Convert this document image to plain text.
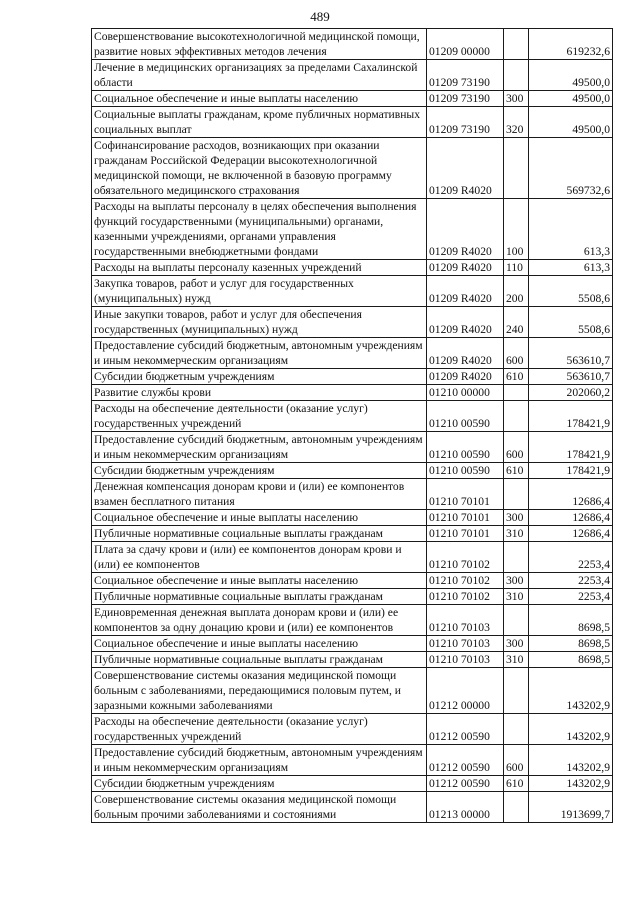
489
Совершенствование высокотехнологичной медицинской помощи, развитие новых эффективных методов лечения	01209 00000		619232,6
Лечение в медицинских организациях за пределами Сахалинской области	01209 73190		49500,0
Социальное обеспечение и иные выплаты населению	01209 73190	300	49500,0
Социальные выплаты гражданам, кроме публичных нормативных социальных выплат	01209 73190	320	49500,0
Софинансирование расходов, возникающих при оказании гражданам Российской Федерации высокотехнологичной медицинской помощи, не включенной в базовую программу обязательного медицинского страхования	01209 R4020		569732,6
Расходы на выплаты персоналу в целях обеспечения выполнения функций государственными (муниципальными) органами, казенными учреждениями, органами управления государственными внебюджетными фондами	01209 R4020	100	613,3
Расходы на выплаты персоналу казенных учреждений	01209 R4020	110	613,3
Закупка товаров, работ и услуг для государственных (муниципальных) нужд	01209 R4020	200	5508,6
Иные закупки товаров, работ и услуг для обеспечения государственных (муниципальных) нужд	01209 R4020	240	5508,6
Предоставление субсидий бюджетным, автономным учреждениям и иным некоммерческим организациям	01209 R4020	600	563610,7
Субсидии бюджетным учреждениям	01209 R4020	610	563610,7
Развитие службы крови	01210 00000		202060,2
Расходы на обеспечение деятельности (оказание услуг) государственных учреждений	01210 00590		178421,9
Предоставление субсидий бюджетным, автономным учреждениям и иным некоммерческим организациям	01210 00590	600	178421,9
Субсидии бюджетным учреждениям	01210 00590	610	178421,9
Денежная компенсация донорам крови и (или) ее компонентов взамен бесплатного питания	01210 70101		12686,4
Социальное обеспечение и иные выплаты населению	01210 70101	300	12686,4
Публичные нормативные социальные выплаты гражданам	01210 70101	310	12686,4
Плата за сдачу крови и (или) ее компонентов донорам крови и (или) ее компонентов	01210 70102		2253,4
Социальное обеспечение и иные выплаты населению	01210 70102	300	2253,4
Публичные нормативные социальные выплаты гражданам	01210 70102	310	2253,4
Единовременная денежная выплата донорам крови и (или) ее компонентов за одну донацию крови и (или) ее компонентов	01210 70103		8698,5
Социальное обеспечение и иные выплаты населению	01210 70103	300	8698,5
Публичные нормативные социальные выплаты гражданам	01210 70103	310	8698,5
Совершенствование системы оказания медицинской помощи больным с заболеваниями, передающимися половым путем, и заразными кожными заболеваниями	01212 00000		143202,9
Расходы на обеспечение деятельности (оказание услуг) государственных учреждений	01212 00590		143202,9
Предоставление субсидий бюджетным, автономным учреждениям и иным некоммерческим организациям	01212 00590	600	143202,9
Субсидии бюджетным учреждениям	01212 00590	610	143202,9
Совершенствование системы оказания медицинской помощи больным прочими заболеваниями и состояниями	01213 00000		1913699,7
